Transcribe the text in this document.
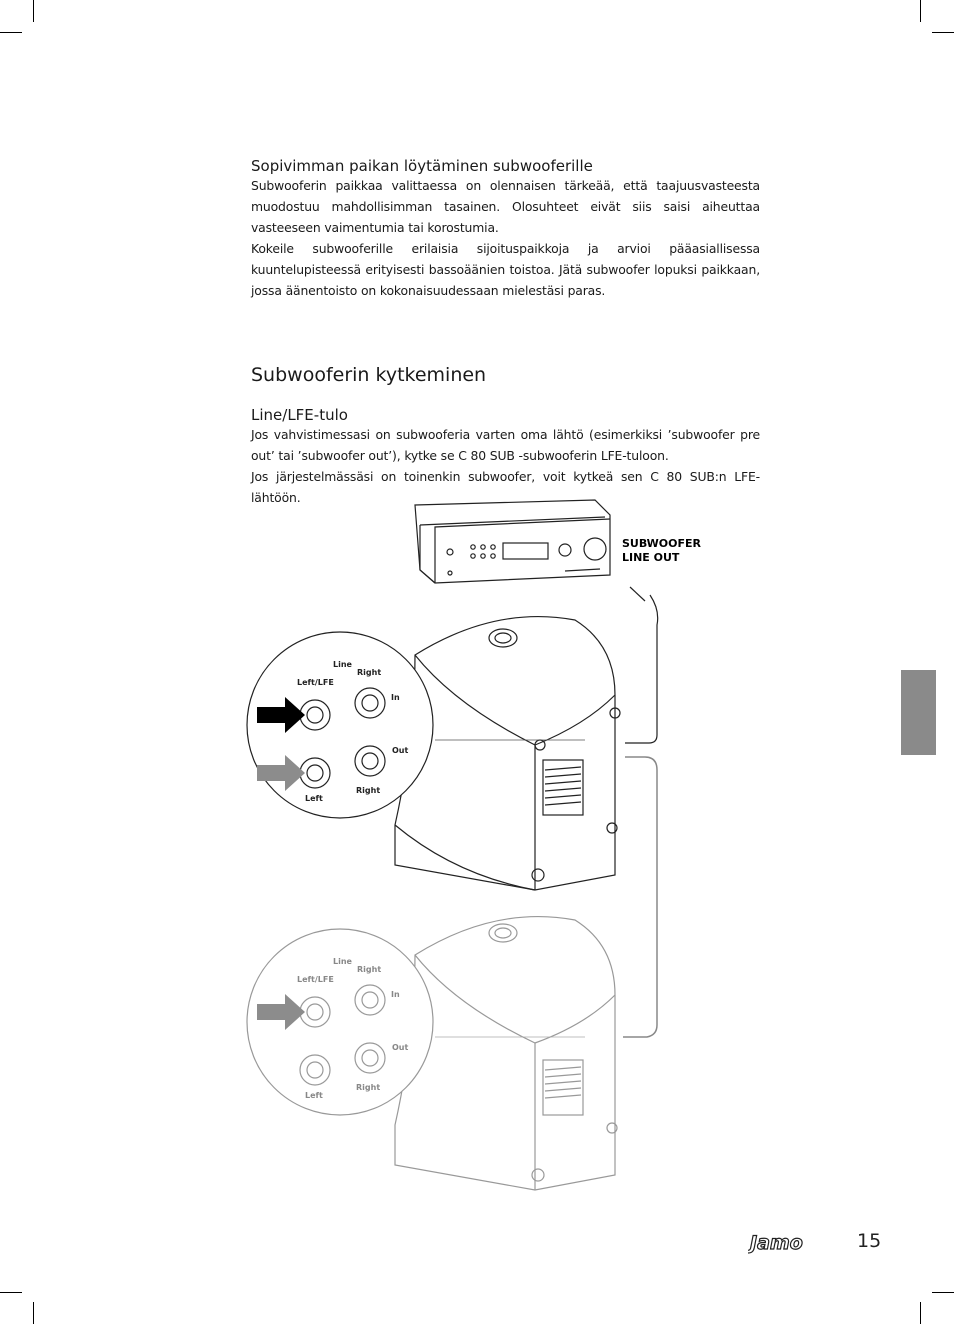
Sopivimman paikan löytäminen subwooferille

Subwooferin paikkaa valittaessa on olennaisen tärkeää, että taajuusvasteesta muodostuu mahdollisimman tasainen. Olosuhteet eivät siis saisi aiheuttaa vasteeseen vaimentumia tai korostumia.

Kokeile subwooferille erilaisia sijoituspaikkoja ja arvioi pääasiallisessa kuuntelupisteessä erityisesti bassoäänien toistoa. Jätä subwoofer lopuksi paikkaan, jossa äänentoisto on kokonaisuudessaan mielestäsi paras.

Subwooferin kytkeminen
Line/LFE-tulo

Jos vahvistimessasi on subwooferia varten oma lähtö (esimerkiksi ’subwoofer pre out’ tai ’subwoofer out’), kytke se C 80 SUB -subwooferin LFE-tuloon.

Jos järjestelmässäsi on toinenkin subwoofer, voit kytkeä sen C 80 SUB:n LFE-lähtöön.

SUBWOOFER
LINE OUT
Line
Left/LFE
Right
In
Out
Left
Right
Line
Left/LFE
Right
In
Out
Left
Right
Jamo	15
